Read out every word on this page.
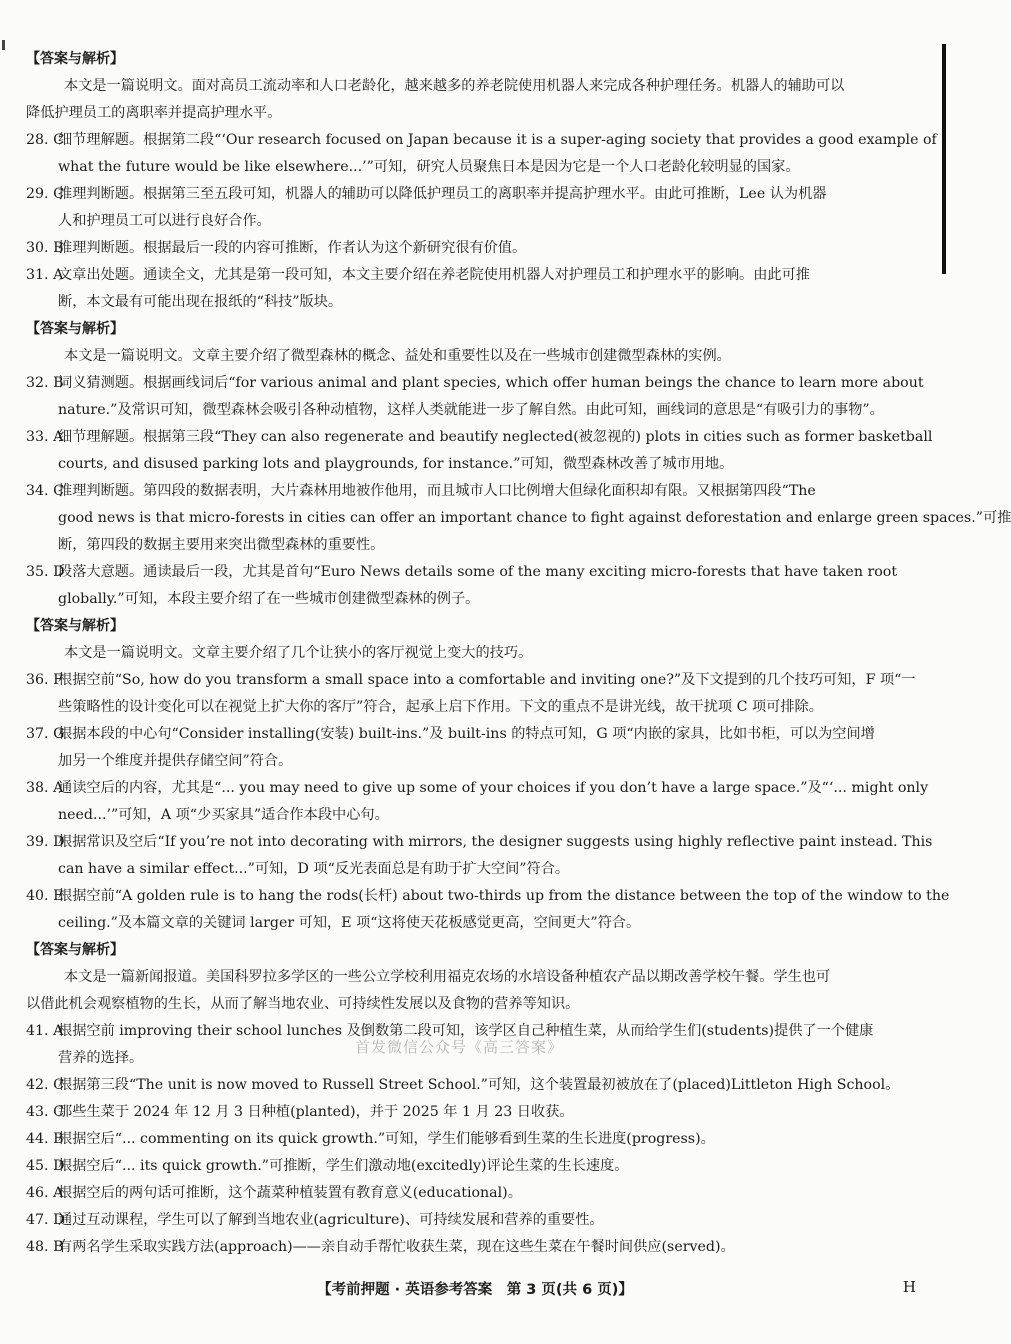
【答案与解析】
本文是一篇说明文。面对高员工流动率和人口老龄化，越来越多的养老院使用机器人来完成各种护理任务。机器人的辅助可以
降低护理员工的离职率并提高护理水平。
28. C细节理解题。根据第二段“‘Our research focused on Japan because it is a super-aging society that provides a good example of
what the future would be like elsewhere...’”可知，研究人员聚焦日本是因为它是一个人口老龄化较明显的国家。
29. C推理判断题。根据第三至五段可知，机器人的辅助可以降低护理员工的离职率并提高护理水平。由此可推断，Lee 认为机器
人和护理员工可以进行良好合作。
30. B推理判断题。根据最后一段的内容可推断，作者认为这个新研究很有价值。
31. A文章出处题。通读全文，尤其是第一段可知，本文主要介绍在养老院使用机器人对护理员工和护理水平的影响。由此可推
断，本文最有可能出现在报纸的“科技”版块。
【答案与解析】
本文是一篇说明文。文章主要介绍了微型森林的概念、益处和重要性以及在一些城市创建微型森林的实例。
32. B词义猜测题。根据画线词后“for various animal and plant species, which offer human beings the chance to learn more about
nature.”及常识可知，微型森林会吸引各种动植物，这样人类就能进一步了解自然。由此可知，画线词的意思是“有吸引力的事物”。
33. A细节理解题。根据第三段“They can also regenerate and beautify neglected(被忽视的) plots in cities such as former basketball
courts, and disused parking lots and playgrounds, for instance.”可知，微型森林改善了城市用地。
34. C推理判断题。第四段的数据表明，大片森林用地被作他用，而且城市人口比例增大但绿化面积却有限。又根据第四段“The
good news is that micro-forests in cities can offer an important chance to fight against deforestation and enlarge green spaces.”可推
断，第四段的数据主要用来突出微型森林的重要性。
35. D段落大意题。通读最后一段，尤其是首句“Euro News details some of the many exciting micro-forests that have taken root
globally.”可知，本段主要介绍了在一些城市创建微型森林的例子。
【答案与解析】
本文是一篇说明文。文章主要介绍了几个让狭小的客厅视觉上变大的技巧。
36. F根据空前“So, how do you transform a small space into a comfortable and inviting one?”及下文提到的几个技巧可知，F 项“一
些策略性的设计变化可以在视觉上扩大你的客厅”符合，起承上启下作用。下文的重点不是讲光线，故干扰项 C 项可排除。
37. G根据本段的中心句“Consider installing(安装) built-ins.”及 built-ins 的特点可知，G 项“内嵌的家具，比如书柜，可以为空间增
加另一个维度并提供存储空间”符合。
38. A通读空后的内容，尤其是“... you may need to give up some of your choices if you don’t have a large space.”及“‘... might only
need...’”可知，A 项“少买家具”适合作本段中心句。
39. D根据常识及空后“If you’re not into decorating with mirrors, the designer suggests using highly reflective paint instead. This
can have a similar effect...”可知，D 项“反光表面总是有助于扩大空间”符合。
40. E根据空前“A golden rule is to hang the rods(长杆) about two-thirds up from the distance between the top of the window to the
ceiling.”及本篇文章的关键词 larger 可知，E 项“这将使天花板感觉更高，空间更大”符合。
【答案与解析】
本文是一篇新闻报道。美国科罗拉多学区的一些公立学校利用福克农场的水培设备种植农产品以期改善学校午餐。学生也可
以借此机会观察植物的生长，从而了解当地农业、可持续性发展以及食物的营养等知识。
41. A根据空前 improving their school lunches 及倒数第二段可知，该学区自己种植生菜，从而给学生们(students)提供了一个健康
营养的选择。
42. C根据第三段“The unit is now moved to Russell Street School.”可知，这个装置最初被放在了(placed)Littleton High School。
43. C那些生菜于 2024 年 12 月 3 日种植(planted)，并于 2025 年 1 月 23 日收获。
44. B根据空后“... commenting on its quick growth.”可知，学生们能够看到生菜的生长进度(progress)。
45. D根据空后“... its quick growth.”可推断，学生们激动地(excitedly)评论生菜的生长速度。
46. A根据空后的两句话可推断，这个蔬菜种植装置有教育意义(educational)。
47. D通过互动课程，学生可以了解到当地农业(agriculture)、可持续发展和营养的重要性。
48. B有两名学生采取实践方法(approach)——亲自动手帮忙收获生菜，现在这些生菜在午餐时间供应(served)。
首发微信公众号《高三答案》
【考前押题 · 英语参考答案　第 3 页(共 6 页)】	H
